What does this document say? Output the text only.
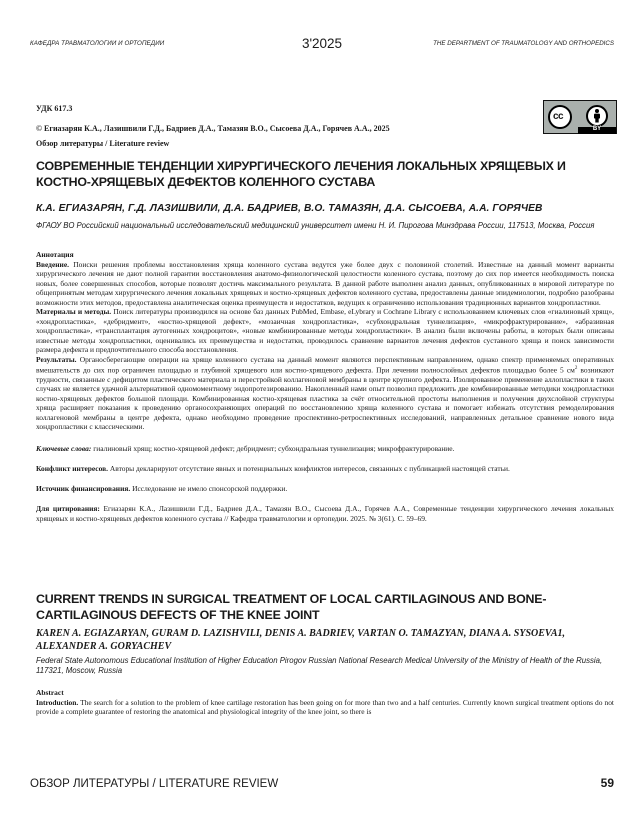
КАФЕДРА ТРАВМАТОЛОГИИ И ОРТОПЕДИИ	3'2025	THE DEPARTMENT OF TRAUMATOLOGY AND ORTHOPEDICS
УДК 617.3
© Егиазарян К.А., Лазишвили Г.Д., Бадриев Д.А., Тамазян В.О., Сысоева Д.А., Горячев А.А., 2025
Обзор литературы / Literature review
cc
BY
СОВРЕМЕННЫЕ ТЕНДЕНЦИИ ХИРУРГИЧЕСКОГО ЛЕЧЕНИЯ ЛОКАЛЬНЫХ ХРЯЩЕВЫХ И КОСТНО-ХРЯЩЕВЫХ ДЕФЕКТОВ КОЛЕННОГО СУСТАВА
К.А. ЕГИАЗАРЯН, Г.Д. ЛАЗИШВИЛИ, Д.А. БАДРИЕВ, В.О. ТАМАЗЯН, Д.А. СЫСОЕВА, А.А. ГОРЯЧЕВ
ФГАОУ ВО Российский национальный исследовательский медицинский университет имени Н. И. Пирогова Минздрава России, 117513, Москва, Россия

Аннотация

Введение. Поиски решения проблемы восстановления хряща коленного сустава ведутся уже более двух с половиной столетий. Известные на данный момент варианты хирургического лечения не дают полной гарантии восстановления анатомо-физиологической целостности коленного сустава, поэтому до сих пор имеется необходимость поиска новых, более совершенных способов, которые позволят достичь максимального результата. В данной работе выполнен анализ данных, опубликованных в мировой литературе по общепринятым методам хирургического лечения локальных хрящевых и костно-хрящевых дефектов коленного сустава, предоставлены данные эпидемиологии, подробно разобраны возможности этих методов, предоставлена аналитическая оценка преимуществ и недостатков, ведущих к ограничению использования традиционных вариантов хондропластики.

Материалы и методы. Поиск литературы производился на основе баз данных PubMed, Embase, eLybrary и Cochrane Library с использованием ключевых слов «гиалиновый хрящ», «хондропластика», «дебридмент», «костно-хрящевой дефект», «мозаичная хондропластика», «субхондральная туннелизация», «микрофрактурирование», «абразивная хондропластика», «трансплантация аутогенных хондроцитов», «новые комбинированные методы хондропластики». В анализ были включены работы, в которых были описаны известные методы хондропластики, оценивались их преимущества и недостатки, проводилось сравнение вариантов лечения дефектов суставного хряща и поиск зависимости размера дефекта и предпочтительного способа восстановления.

Результаты. Органосберегающие операции на хряще коленного сустава на данный момент являются перспективным направлением, однако спектр применяемых оперативных вмешательств до сих пор ограничен площадью и глубиной хрящевого или костно-хрящевого дефекта. При лечении полнослойных дефектов площадью более 5 $см^2$ возникают трудности, связанные с дефицитом пластического материала и перестройкой коллагеновой мембраны в центре крупного дефекта. Изолированное применение аллопластики в таких случаях не является удачной альтернативой одномоментному эндопротезированию. Накопленный нами опыт позволил предложить две комбинированные методики хондропластики костно-хрящевых дефектов большой площади. Комбинированная костно-хрящевая пластика за счёт относительной простоты выполнения и получения двухслойной структуры хряща расширяет показания к проведению органосохраняющих операций по восстановлению хряща коленного сустава и помогает избежать отсутствия ремоделирования коллагеновой мембраны в центре дефекта, однако необходимо проведение проспективно-ретроспективных исследований, направленных детальное сравнение нового вида хондропластики с классическими.

Ключевые слова: гиалиновый хрящ; костно-хрящевой дефект; дебридмент; субхондральная туннелизация; микрофрактурирование.
Конфликт интересов. Авторы декларируют отсутствие явных и потенциальных конфликтов интересов, связанных с публикацией настоящей статьи.
Источник финансирования. Исследование не имело спонсорской поддержки.
CURRENT TRENDS IN SURGICAL TREATMENT OF LOCAL CARTILAGINOUS AND BONE-CARTILAGINOUS DEFECTS OF THE KNEE JOINT
KAREN A. EGIAZARYAN, GURAM D. LAZISHVILI, DENIS A. BADRIEV, VARTAN O. TAMAZYAN, DIANA A. SYSOEVA1, ALEXANDER A. GORYACHEV
Federal State Autonomous Educational Institution of Higher Education Pirogov Russian National Research Medical University of the Ministry of Health of the Russia, 117321, Moscow, Russia

Abstract

Introduction. The search for a solution to the problem of knee cartilage restoration has been going on for more than two and a half centuries. Currently known surgical treatment options do not provide a complete guarantee of restoring the anatomical and physiological integrity of the knee joint, so there is

Для цитирования: Егиазарян К.А., Лазишвили Г.Д., Бадриев Д.А., Тамазян В.О., Сысоева Д.А., Горячев А.А., Современные тенденции хирургического лечения локальных хрящевых и костно-хрящевых дефектов коленного сустава // Кафедра травматологии и ортопедии. 2025. № 3(61). С. 59–69.
ОБЗОР ЛИТЕРАТУРЫ / LITERATURE REVIEW	59
